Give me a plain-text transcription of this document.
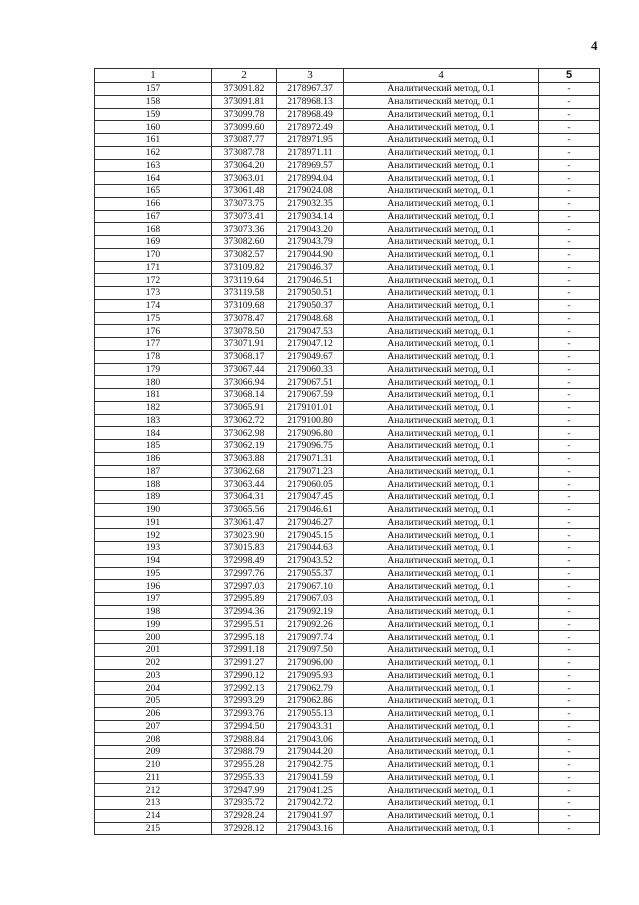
4
1	2	3	4	5
157	373091.82	2178967.37	Аналитический метод, 0.1	-
158	373091.81	2178968.13	Аналитический метод, 0.1	-
159	373099.78	2178968.49	Аналитический метод, 0.1	-
160	373099.60	2178972.49	Аналитический метод, 0.1	-
161	373087.77	2178971.95	Аналитический метод, 0.1	-
162	373087.78	2178971.11	Аналитический метод, 0.1	-
163	373064.20	2178969.57	Аналитический метод, 0.1	-
164	373063.01	2178994.04	Аналитический метод, 0.1	-
165	373061.48	2179024.08	Аналитический метод, 0.1	-
166	373073.75	2179032.35	Аналитический метод, 0.1	-
167	373073.41	2179034.14	Аналитический метод, 0.1	-
168	373073.36	2179043.20	Аналитический метод, 0.1	-
169	373082.60	2179043.79	Аналитический метод, 0.1	-
170	373082.57	2179044.90	Аналитический метод, 0.1	-
171	373109.82	2179046.37	Аналитический метод, 0.1	-
172	373119.64	2179046.51	Аналитический метод, 0.1	-
173	373119.58	2179050.51	Аналитический метод, 0.1	-
174	373109.68	2179050.37	Аналитический метод, 0.1	-
175	373078.47	2179048.68	Аналитический метод, 0.1	-
176	373078.50	2179047.53	Аналитический метод, 0.1	-
177	373071.91	2179047.12	Аналитический метод, 0.1	-
178	373068.17	2179049.67	Аналитический метод, 0.1	-
179	373067.44	2179060.33	Аналитический метод, 0.1	-
180	373066.94	2179067.51	Аналитический метод, 0.1	-
181	373068.14	2179067.59	Аналитический метод, 0.1	-
182	373065.91	2179101.01	Аналитический метод, 0.1	-
183	373062.72	2179100.80	Аналитический метод, 0.1	-
184	373062.98	2179096.80	Аналитический метод, 0.1	-
185	373062.19	2179096.75	Аналитический метод, 0.1	-
186	373063.88	2179071.31	Аналитический метод, 0.1	-
187	373062.68	2179071.23	Аналитический метод, 0.1	-
188	373063.44	2179060.05	Аналитический метод, 0.1	-
189	373064.31	2179047.45	Аналитический метод, 0.1	-
190	373065.56	2179046.61	Аналитический метод, 0.1	-
191	373061.47	2179046.27	Аналитический метод, 0.1	-
192	373023.90	2179045.15	Аналитический метод, 0.1	-
193	373015.83	2179044.63	Аналитический метод, 0.1	-
194	372998.49	2179043.52	Аналитический метод, 0.1	-
195	372997.76	2179055.37	Аналитический метод, 0.1	-
196	372997.03	2179067.10	Аналитический метод, 0.1	-
197	372995.89	2179067.03	Аналитический метод, 0.1	-
198	372994.36	2179092.19	Аналитический метод, 0.1	-
199	372995.51	2179092.26	Аналитический метод, 0.1	-
200	372995.18	2179097.74	Аналитический метод, 0.1	-
201	372991.18	2179097.50	Аналитический метод, 0.1	-
202	372991.27	2179096.00	Аналитический метод, 0.1	-
203	372990.12	2179095.93	Аналитический метод, 0.1	-
204	372992.13	2179062.79	Аналитический метод, 0.1	-
205	372993.29	2179062.86	Аналитический метод, 0.1	-
206	372993.76	2179055.13	Аналитический метод, 0.1	-
207	372994.50	2179043.31	Аналитический метод, 0.1	-
208	372988.84	2179043.06	Аналитический метод, 0.1	-
209	372988.79	2179044.20	Аналитический метод, 0.1	-
210	372955.28	2179042.75	Аналитический метод, 0.1	-
211	372955.33	2179041.59	Аналитический метод, 0.1	-
212	372947.99	2179041.25	Аналитический метод, 0.1	-
213	372935.72	2179042.72	Аналитический метод, 0.1	-
214	372928.24	2179041.97	Аналитический метод, 0.1	-
215	372928.12	2179043.16	Аналитический метод, 0.1	-
